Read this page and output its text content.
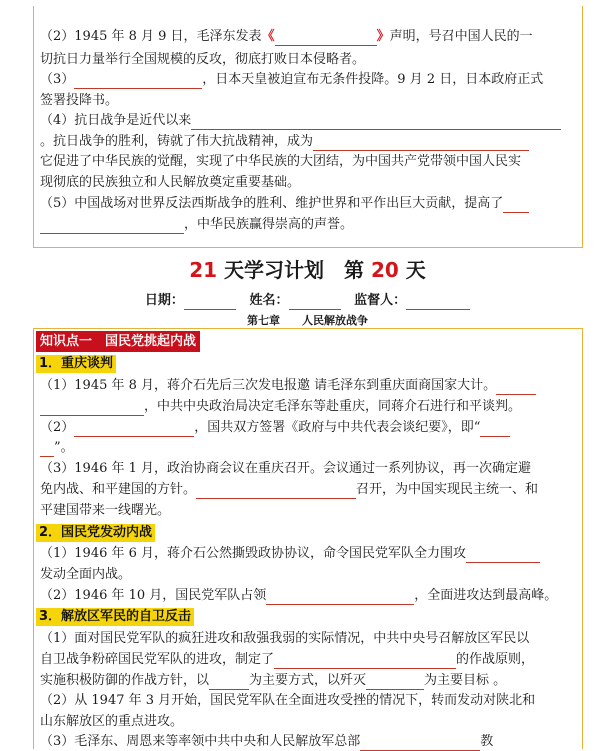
（2）1945 年 8 月 9 日，毛泽东发表《	》声明，号召中国人民的一
切抗日力量举行全国规模的反攻，彻底打败日本侵略者。
（3）	，日本天皇被迫宣布无条件投降。9 月 2 日，日本政府正式
签署投降书。
（4）抗日战争是近代以来
。抗日战争的胜利，铸就了伟大抗战精神，成为
它促进了中华民族的觉醒，实现了中华民族的大团结，为中国共产党带领中国人民实
现彻底的民族独立和人民解放奠定重要基础。
（5）中国战场对世界反法西斯战争的胜利、维护世界和平作出巨大贡献，提高了
，中华民族赢得崇高的声誉。
21 天学习计划　第 20 天
日期：	姓名：	监督人：
第七章　　人民解放战争
知识点一　国民党挑起内战
1．重庆谈判
（1）1945 年 8 月，蒋介石先后三次发电报邀 请毛泽东到重庆面商国家大计。
，中共中央政治局决定毛泽东等赴重庆，同蒋介石进行和平谈判。
（2）	，国共双方签署《政府与中共代表会谈纪要》，即“
”。
（3）1946 年 1 月，政治协商会议在重庆召开。会议通过一系列协议，再一次确定避
免内战、和平建国的方针。	召开，为中国实现民主统一、和
平建国带来一线曙光。
2．国民党发动内战
（1）1946 年 6 月，蒋介石公然撕毁政协协议，命令国民党军队全力围攻
发动全面内战。
（2）1946 年 10 月，国民党军队占领	，全面进攻达到最高峰。
3．解放区军民的自卫反击
（1）面对国民党军队的疯狂进攻和敌强我弱的实际情况，中共中央号召解放区军民以
自卫战争粉碎国民党军队的进攻，制定了	的作战原则，
实施积极防御的作战方针，以	为主要方式，以歼灭	为主要目标 。
（2）从 1947 年 3 月开始，国民党军队在全面进攻受挫的情况下，转而发动对陕北和
山东解放区的重点进攻。
（3）毛泽东、周恩来等率领中共中央和人民解放军总部	教
